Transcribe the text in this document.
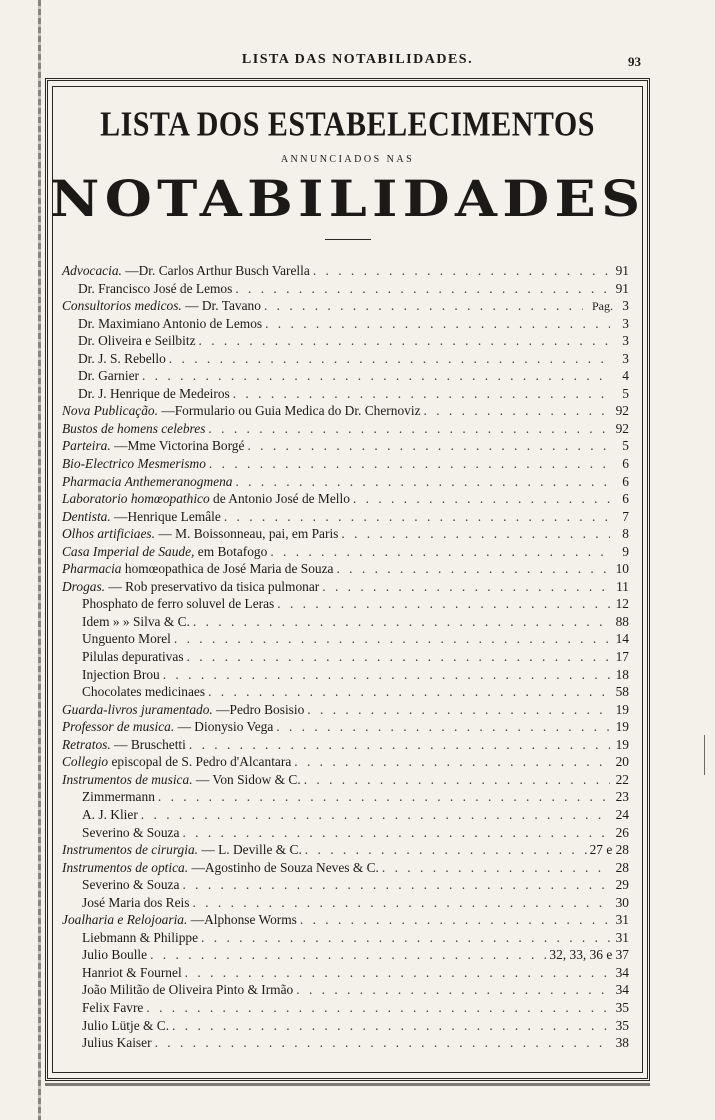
LISTA DAS NOTABILIDADES.	93
LISTA DOS ESTABELECIMENTOS
ANNUNCIADOS NAS
NOTABILIDADES
Advocacia. —Dr. Carlos Arthur Busch Varella . . .	91
Dr. Francisco José de Lemos . . .	91
Consultorios medicos. — Dr. Tavano . . .	Pag. 3
Dr. Maximiano Antonio de Lemos . . .	3
Dr. Oliveira e Seilbitz . . .	3
Dr. J. S. Rebello . . .	3
Dr. Garnier . . .	4
Dr. J. Henrique de Medeiros . . .	5
Nova Publicação. —Formulario ou Guia Medica do Dr. Chernoviz . . .	92
Bustos de homens celebres . . .	92
Parteira. —Mme Victorina Borgé . . .	5
Bio-Electrico Mesmerismo . . .	6
Pharmacia Anthemeranogmena . . .	6
Laboratorio homœopathico de Antonio José de Mello . . .	6
Dentista. —Henrique Lemâle . . .	7
Olhos artificiaes. — M. Boissonneau, pai, em Paris . . .	8
Casa Imperial de Saude, em Botafogo . . .	9
Pharmacia homœopathica de José Maria de Souza . . .	10
Drogas. — Rob preservativo da tisica pulmonar . . .	11
Phosphato de ferro soluvel de Leras . . .	12
Idem » » Silva & C. . . .	88
Unguento Morel . . .	14
Pilulas depurativas . . .	17
Injection Brou . . .	18
Chocolates medicinaes . . .	58
Guarda-livros juramentado. —Pedro Bosisio . . .	19
Professor de musica. — Dionysio Vega . . .	19
Retratos. — Bruschetti . . .	19
Collegio episcopal de S. Pedro d'Alcantara . . .	20
Instrumentos de musica. — Von Sidow & C. . . .	22
Zimmermann . . .	23
A. J. Klier . . .	24
Severino & Souza . . .	26
Instrumentos de cirurgia. — L. Deville & C. . . .	27 e 28
Instrumentos de optica. —Agostinho de Souza Neves & C. . . .	28
Severino & Souza . . .	29
José Maria dos Reis . . .	30
Joalharia e Relojoaria. —Alphonse Worms . . .	31
Liebmann & Philippe . . .	31
Julio Boulle . . .	32, 33, 36 e 37
Hanriot & Fournel . . .	34
João Militão de Oliveira Pinto & Irmão . . .	34
Felix Favre . . .	35
Julio Lütje & C. . . .	35
Julius Kaiser . . .	38
